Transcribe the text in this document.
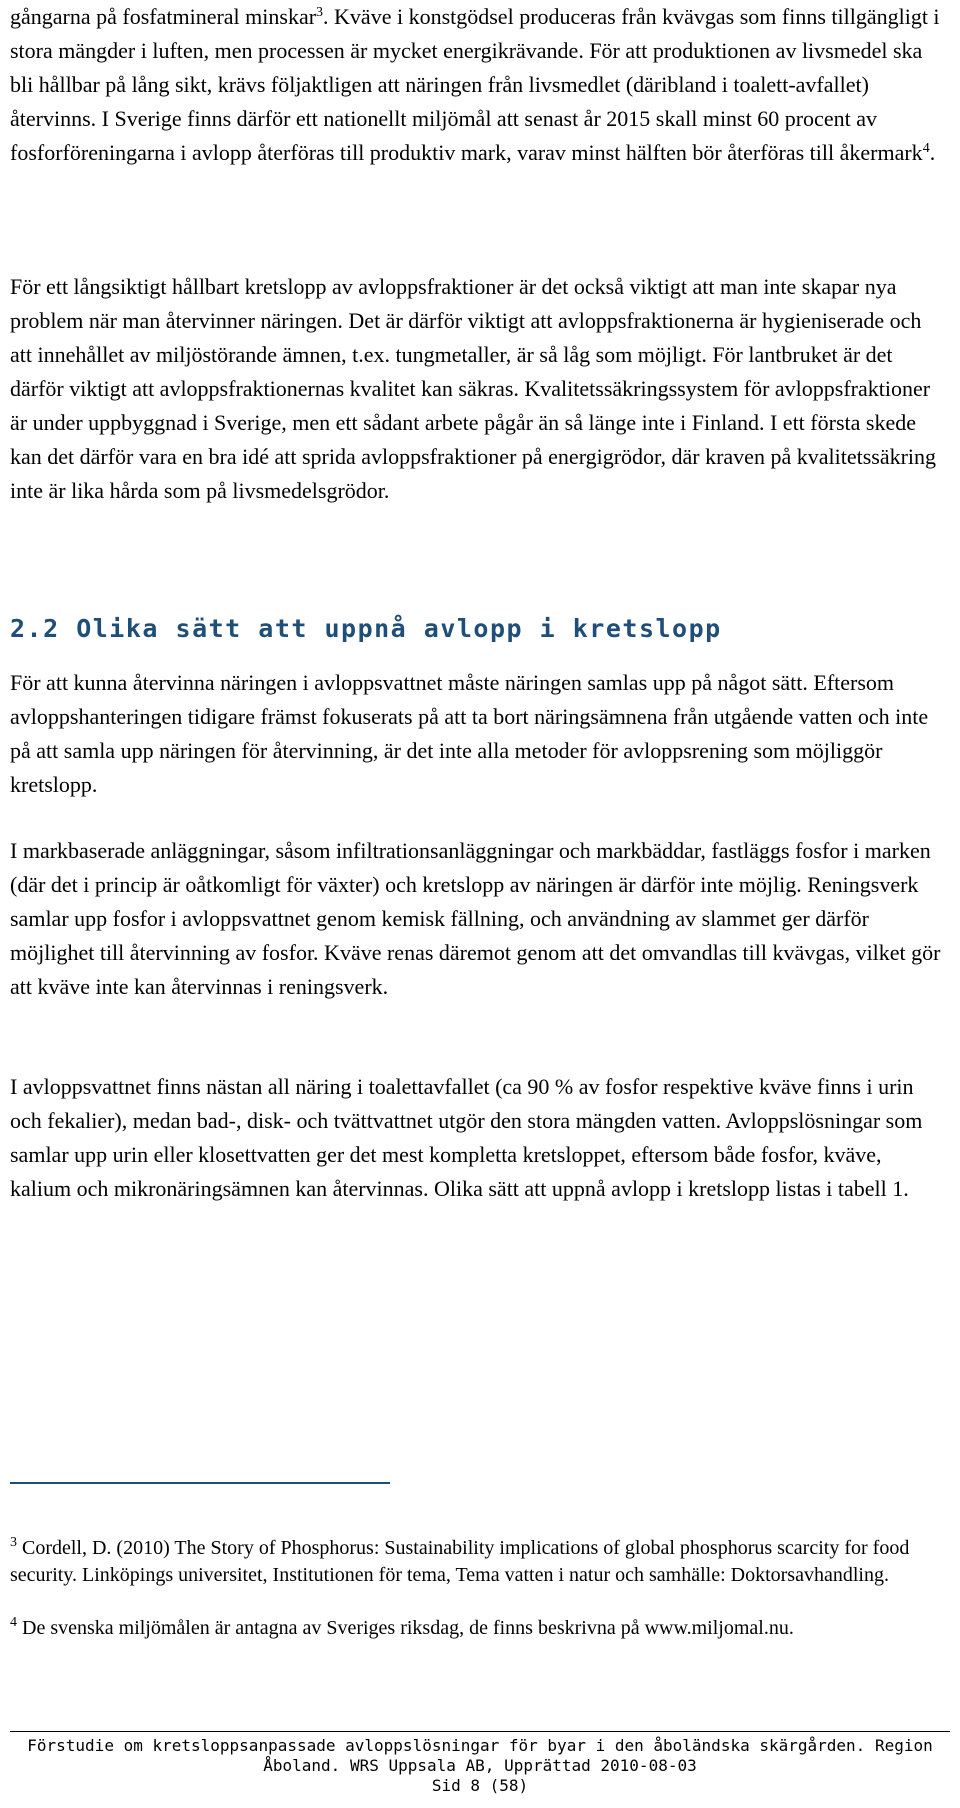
gångarna på fosfatmineral minskar$^3$. Kväve i konstgödsel produceras från kvävgas som finns tillgängligt i stora mängder i luften, men processen är mycket energikrävande. För att produktionen av livsmedel ska bli hållbar på lång sikt, krävs följaktligen att näringen från livsmedlet (däribland i toalett-avfallet) återvinns. I Sverige finns därför ett nationellt miljömål att senast år 2015 skall minst 60 procent av fosforföreningarna i avlopp återföras till produktiv mark, varav minst hälften bör återföras till åkermark$^4$.

För ett långsiktigt hållbart kretslopp av avloppsfraktioner är det också viktigt att man inte skapar nya problem när man återvinner näringen. Det är därför viktigt att avloppsfraktionerna är hygieniserade och att innehållet av miljöstörande ämnen, t.ex. tungmetaller, är så låg som möjligt. För lantbruket är det därför viktigt att avloppsfraktionernas kvalitet kan säkras. Kvalitetssäkringssystem för avloppsfraktioner är under uppbyggnad i Sverige, men ett sådant arbete pågår än så länge inte i Finland. I ett första skede kan det därför vara en bra idé att sprida avloppsfraktioner på energigrödor, där kraven på kvalitetssäkring inte är lika hårda som på livsmedelsgrödor.

2.2 Olika sätt att uppnå avlopp i kretslopp

För att kunna återvinna näringen i avloppsvattnet måste näringen samlas upp på något sätt. Eftersom avloppshanteringen tidigare främst fokuserats på att ta bort näringsämnena från utgående vatten och inte på att samla upp näringen för återvinning, är det inte alla metoder för avloppsrening som möjliggör kretslopp.

I markbaserade anläggningar, såsom infiltrationsanläggningar och markbäddar, fastläggs fosfor i marken (där det i princip är oåtkomligt för växter) och kretslopp av näringen är därför inte möjlig. Reningsverk samlar upp fosfor i avloppsvattnet genom kemisk fällning, och användning av slammet ger därför möjlighet till återvinning av fosfor. Kväve renas däremot genom att det omvandlas till kvävgas, vilket gör att kväve inte kan återvinnas i reningsverk.

I avloppsvattnet finns nästan all näring i toalettavfallet (ca 90 % av fosfor respektive kväve finns i urin och fekalier), medan bad-, disk- och tvättvattnet utgör den stora mängden vatten. Avloppslösningar som samlar upp urin eller klosettvatten ger det mest kompletta kretsloppet, eftersom både fosfor, kväve, kalium och mikronäringsämnen kan återvinnas. Olika sätt att uppnå avlopp i kretslopp listas i tabell 1.

$^3$ Cordell, D. (2010) The Story of Phosphorus: Sustainability implications of global phosphorus scarcity for food security. Linköpings universitet, Institutionen för tema, Tema vatten i natur och samhälle: Doktorsavhandling.

$^4$ De svenska miljömålen är antagna av Sveriges riksdag, de finns beskrivna på www.miljomal.nu.

Förstudie om kretsloppsanpassade avloppslösningar för byar i den åboländska skärgården. Region
Åboland. WRS Uppsala AB, Upprättad 2010-08-03
Sid 8 (58)
